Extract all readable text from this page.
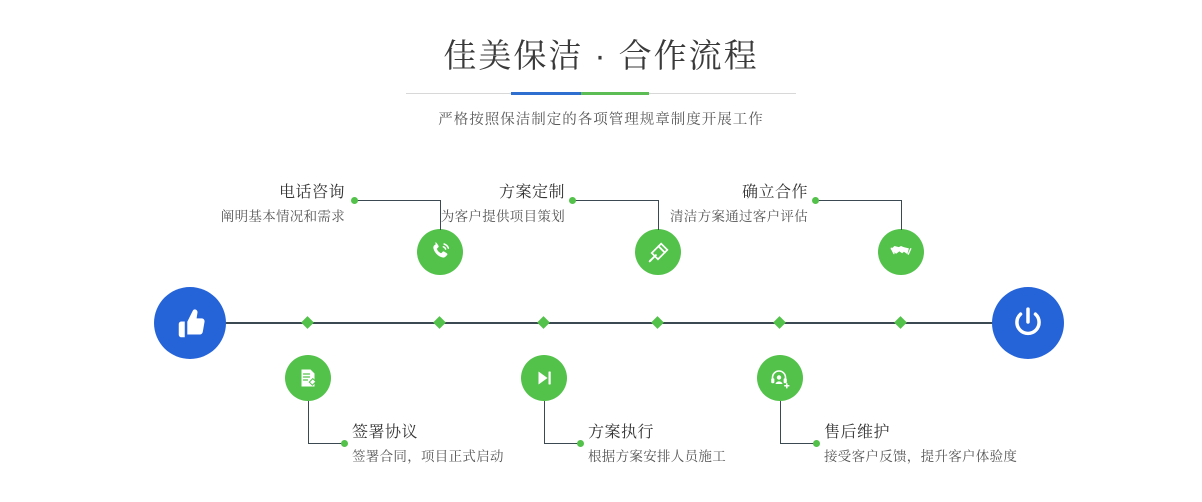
佳美保洁 · 合作流程
严格按照保洁制定的各项管理规章制度开展工作
电话咨询
阐明基本情况和需求
签署协议
签署合同，项目正式启动
方案定制
为客户提供项目策划
方案执行
根据方案安排人员施工
确立合作
清洁方案通过客户评估
售后维护
接受客户反馈，提升客户体验度
